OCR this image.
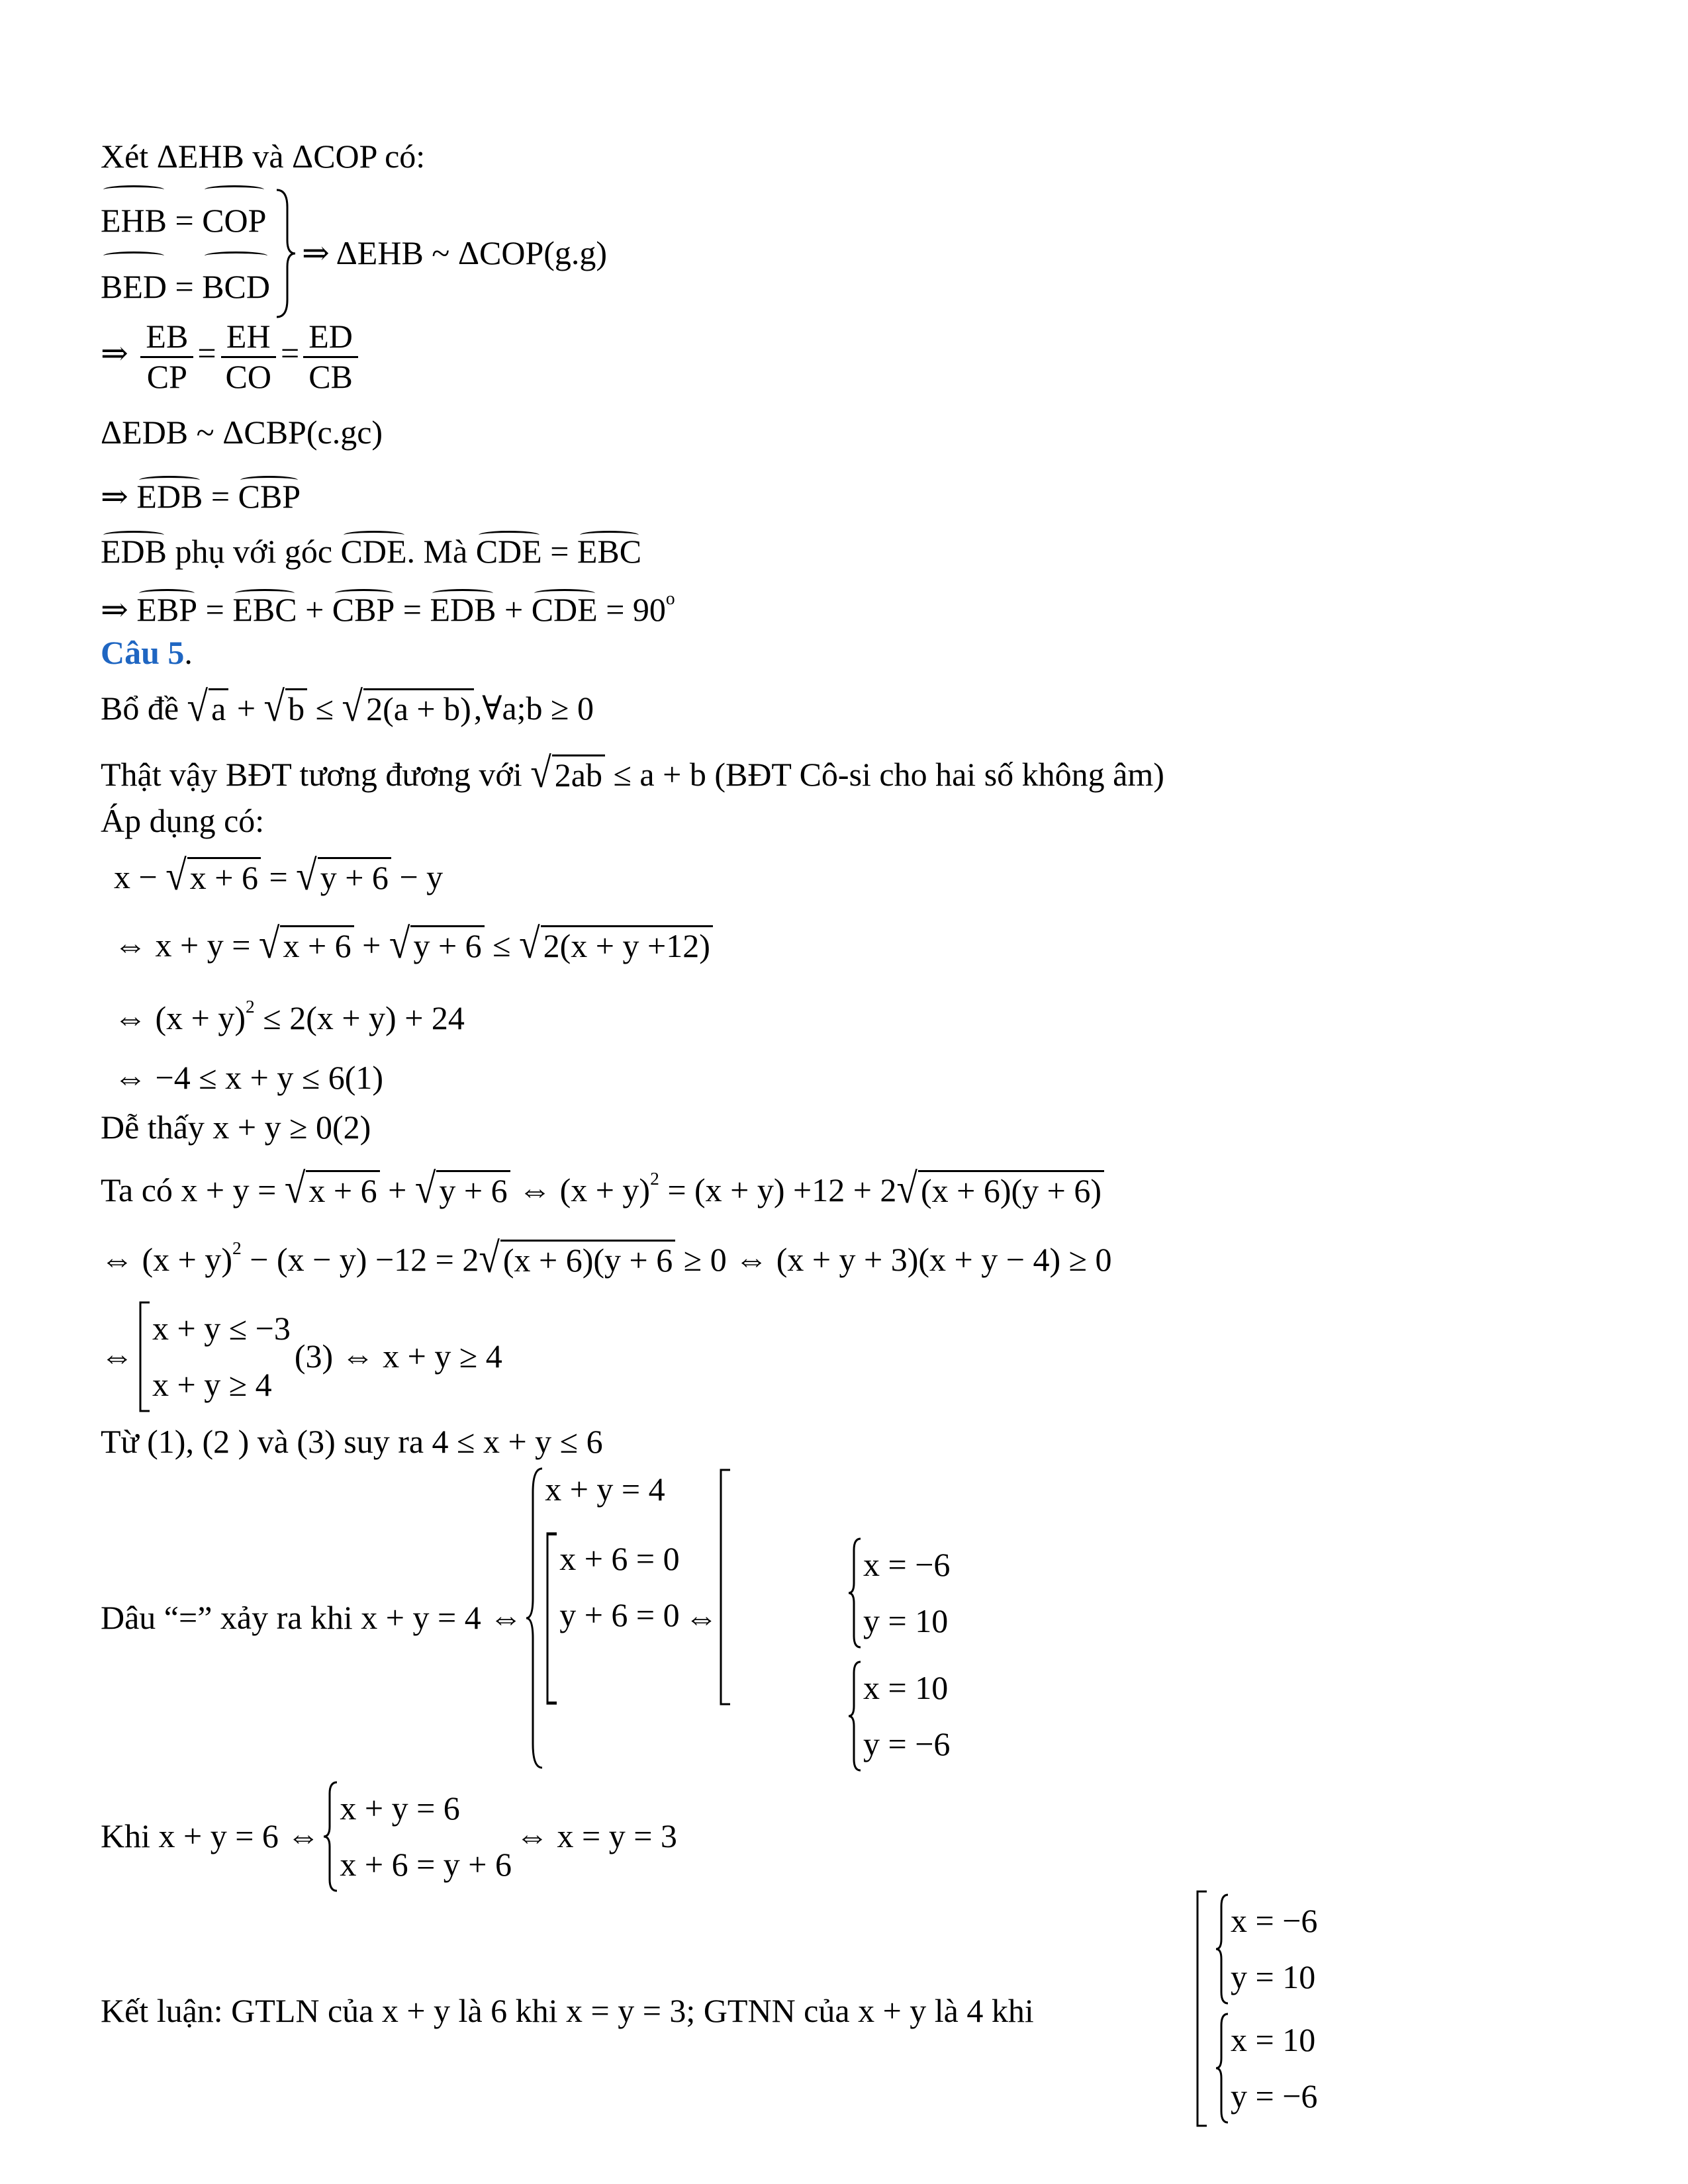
Xét ΔEHB và ΔCOP có:
EHB = COP
BED = BCD
⇒ ΔEHB ~ ΔCOP(g.g)
⇒ $\frac{EB}{CP} = \frac{EH}{CO} = \frac{ED}{CB}$
ΔEDB ~ ΔCBP(c.gc)
⇒ EDB = CBP
EDB phụ với góc CDE. Mà CDE = EBC
⇒ EBP = EBC + CBP = EDB + CDE = $90^o$
Câu 5.
Bổ đề √ a + √ b ≤ √ 2(a + b) ,∀a;b ≥ 0
Thật vậy BĐT tương đương với √ 2ab ≤ a + b (BĐT Cô-si cho hai số không âm)
Áp dụng có:
x − √ x + 6 = √ y + 6 − y
⇔ x + y = √ x + 6 + √ y + 6 ≤ √ 2(x + y +12)
⇔ $(x + y)^2 \le 2(x + y) + 24$
⇔ −4 ≤ x + y ≤ 6(1)
Dễ thấy x + y ≥ 0(2)
Ta có x + y = √ x + 6 + √ y + 6 ⇔ $(x + y)^2 = (x + y) +12 + 2$ √ (x + 6)(y + 6)
⇔ $(x + y)^2 - (x - y) -12 = 2$ √ (x + 6)(y + 6 ≥ 0 ⇔ (x + y + 3)(x + y − 4) ≥ 0
⇔
x + y ≤ −3
x + y ≥ 4
(3) ⇔ x + y ≥ 4
Từ (1), (2 ) và (3) suy ra 4 ≤ x + y ≤ 6
Dâu “=” xảy ra khi x + y = 4 ⇔
x + y = 4
x + 6 = 0
y + 6 = 0 ⇔
x = −6
y = 10
x = 10
y = −6
Khi x + y = 6 ⇔
x + y = 6
x + 6 = y + 6
⇔ x = y = 3
Kết luận: GTLN của x + y là 6 khi x = y = 3; GTNN của x + y là 4 khi
x = −6
y = 10
x = 10
y = −6
